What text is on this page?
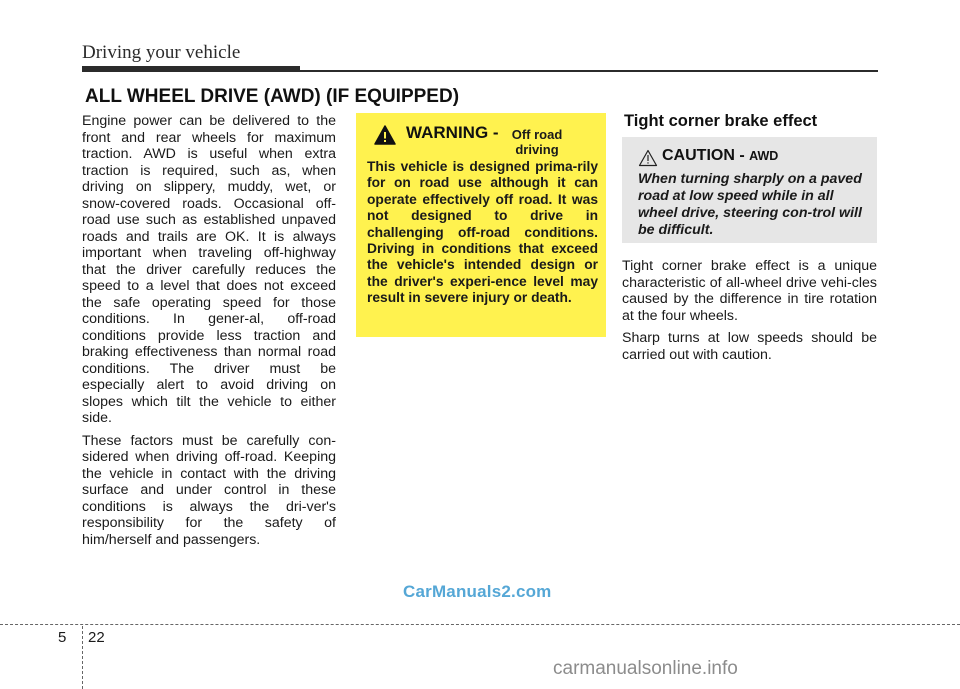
Driving your vehicle
ALL WHEEL DRIVE (AWD) (IF EQUIPPED)

Engine power can be delivered to the front and rear wheels for maximum traction. AWD is useful when extra traction is required, such as, when driving on slippery, muddy, wet, or snow-covered roads. Occasional off-road use such as established unpaved roads and trails are OK. It is always important when traveling off-highway that the driver carefully reduces the speed to a level that does not exceed the safe operating speed for those conditions. In gener-al, off-road conditions provide less traction and braking effectiveness than normal road conditions. The driver must be especially alert to avoid driving on slopes which tilt the vehicle to either side.

These factors must be carefully con-sidered when driving off-road. Keeping the vehicle in contact with the driving surface and under control in these conditions is always the dri-ver's responsibility for the safety of him/herself and passengers.

WARNING -	Off road driving

This vehicle is designed prima-rily for on road use although it can operate effectively off road. It was not designed to drive in challenging off-road conditions. Driving in conditions that exceed the vehicle's intended design or the driver's experi-ence level may result in severe injury or death.

Tight corner brake effect
CAUTION - AWD

When turning sharply on a paved road at low speed while in all wheel drive, steering con-trol will be difficult.

Tight corner brake effect is a unique characteristic of all-wheel drive vehi-cles caused by the difference in tire rotation at the four wheels.

Sharp turns at low speeds should be carried out with caution.

CarManuals2.com
5 22
carmanualsonline.info
